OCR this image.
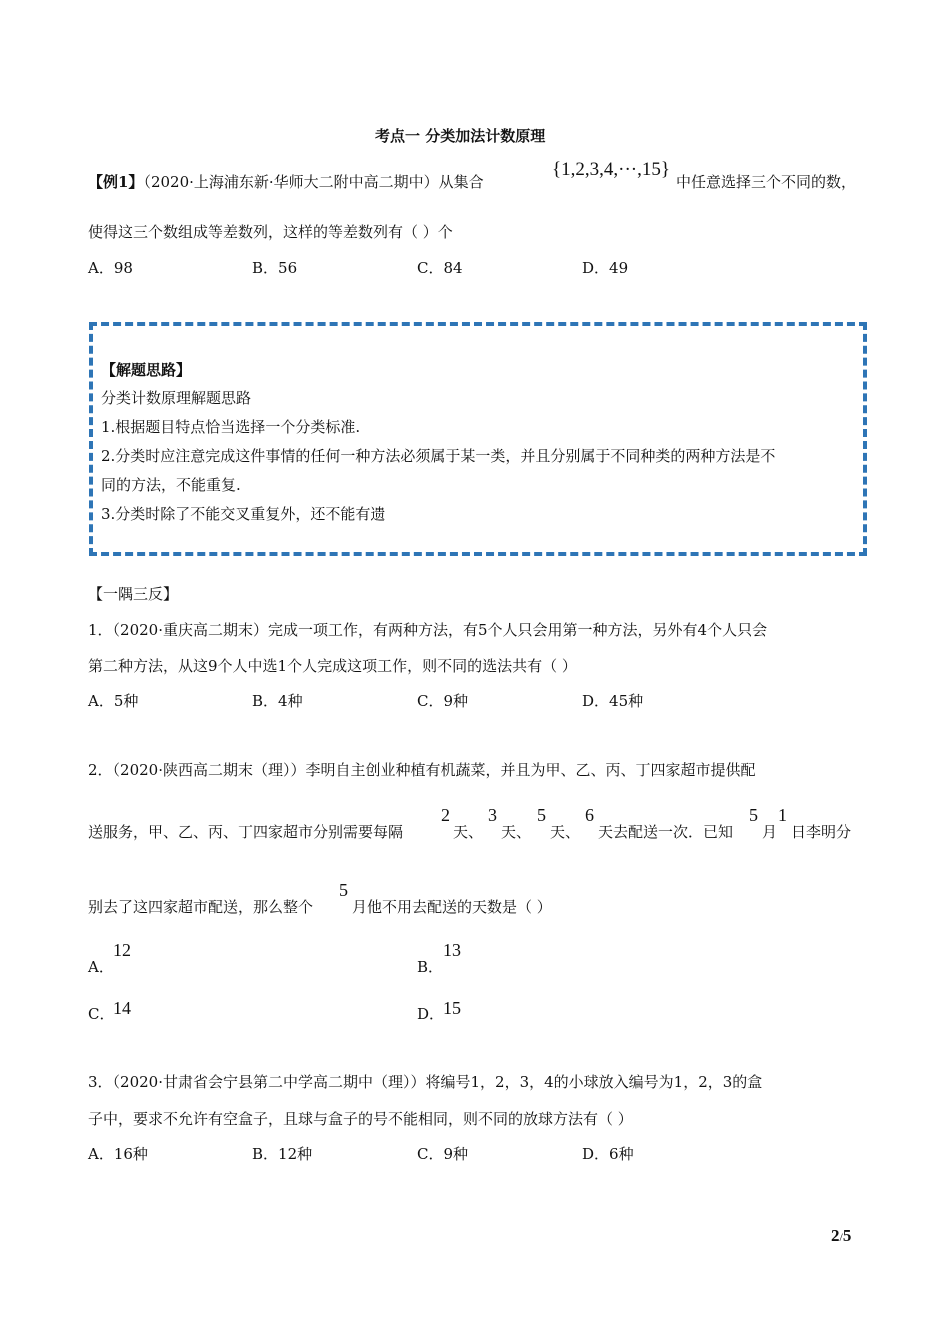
考点一 分类加法计数原理
【例1】（2020·上海浦东新·华师大二附中高二期中）从集合
{1,2,3,4,···,15}
中任意选择三个不同的数，
使得这三个数组成等差数列，这样的等差数列有（ ）个
A．98	B．56	C．84	D．49
【解题思路】
分类计数原理解题思路
1.根据题目特点恰当选择一个分类标准.
2.分类时应注意完成这件事情的任何一种方法必须属于某一类，并且分别属于不同种类的两种方法是不
同的方法，不能重复.
3.分类时除了不能交叉重复外，还不能有遗
【一隅三反】
1．（2020·重庆高二期末）完成一项工作，有两种方法，有5个人只会用第一种方法，另外有4个人只会
第二种方法，从这9个人中选1个人完成这项工作，则不同的选法共有（ ）
A．5种	B．4种	C．9种	D．45种
2．（2020·陕西高二期末（理））李明自主创业种植有机蔬菜，并且为甲、乙、丙、丁四家超市提供配
送服务，甲、乙、丙、丁四家超市分别需要每隔
2
天、
3
天、
5
天、
6
天去配送一次．已知
5
月
1
日李明分
别去了这四家超市配送，那么整个
5
月他不用去配送的天数是（ ）
A．
12
B．
13
C．
14	D．
15
3．（2020·甘肃省会宁县第二中学高二期中（理））将编号1，2，3，4的小球放入编号为1，2，3的盒
子中，要求不允许有空盒子，且球与盒子的号不能相同，则不同的放球方法有（ ）
A．16种	B．12种	C．9种	D．6种
2/5
